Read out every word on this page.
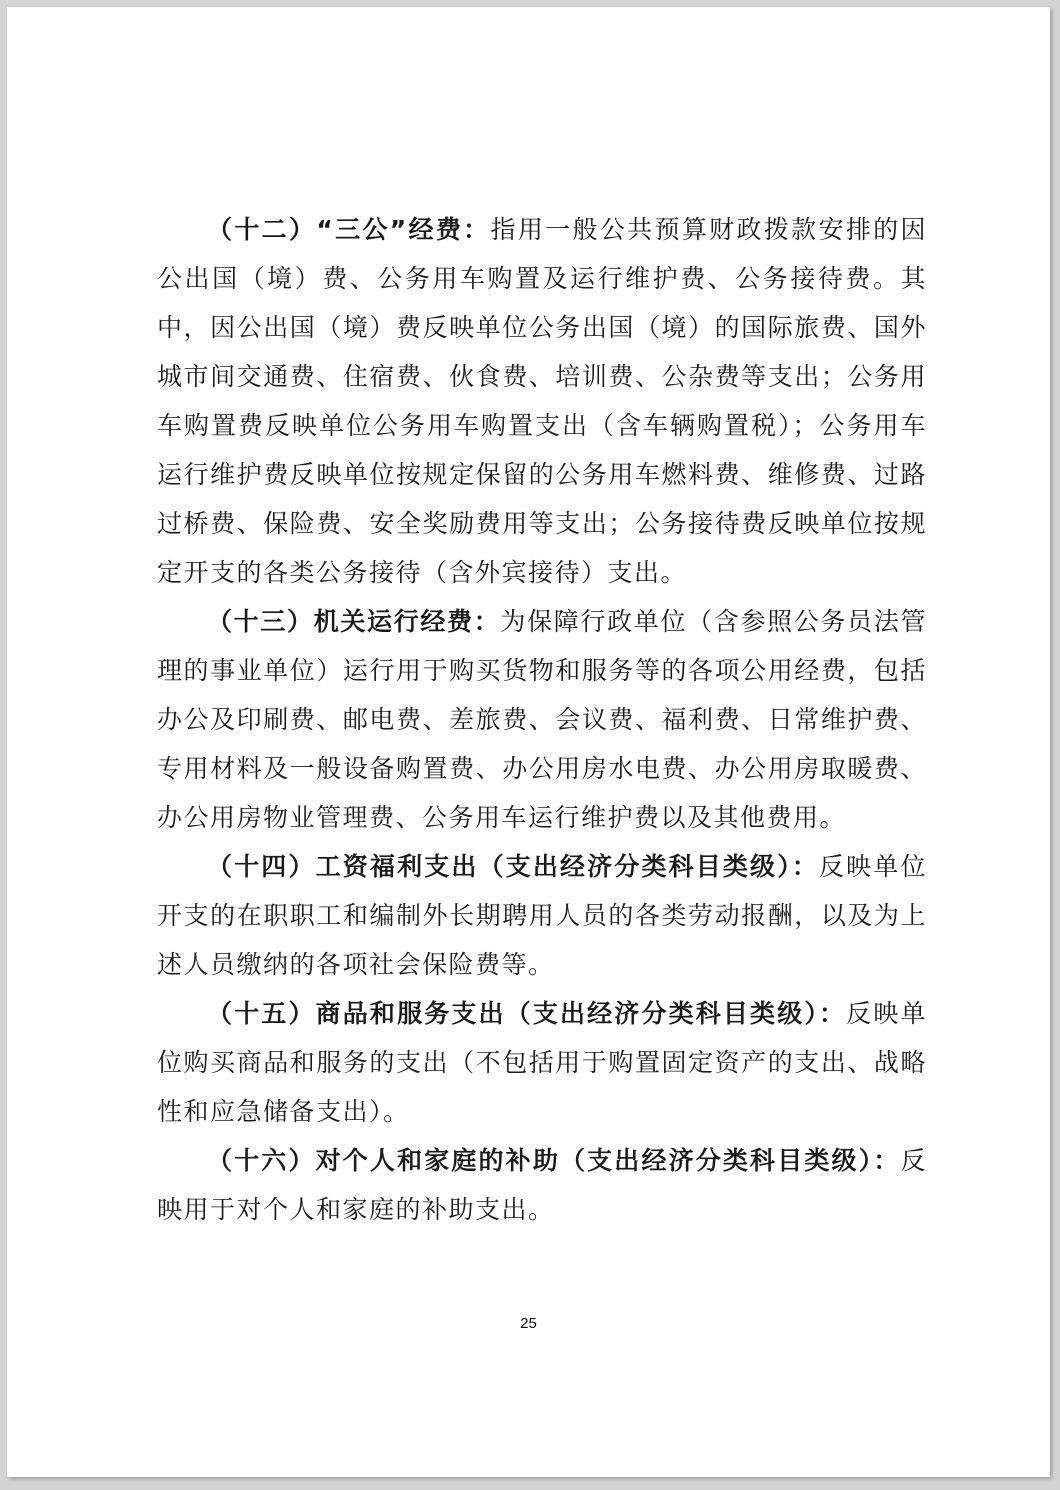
（十二）“三公”经费：指用一般公共预算财政拨款安排的因公出国（境）费、公务用车购置及运行维护费、公务接待费。其中，因公出国（境）费反映单位公务出国（境）的国际旅费、国外城市间交通费、住宿费、伙食费、培训费、公杂费等支出；公务用车购置费反映单位公务用车购置支出（含车辆购置税）；公务用车运行维护费反映单位按规定保留的公务用车燃料费、维修费、过路过桥费、保险费、安全奖励费用等支出；公务接待费反映单位按规定开支的各类公务接待（含外宾接待）支出。

（十三）机关运行经费：为保障行政单位（含参照公务员法管理的事业单位）运行用于购买货物和服务等的各项公用经费，包括办公及印刷费、邮电费、差旅费、会议费、福利费、日常维护费、专用材料及一般设备购置费、办公用房水电费、办公用房取暖费、办公用房物业管理费、公务用车运行维护费以及其他费用。

（十四）工资福利支出（支出经济分类科目类级）：反映单位开支的在职职工和编制外长期聘用人员的各类劳动报酬，以及为上述人员缴纳的各项社会保险费等。

（十五）商品和服务支出（支出经济分类科目类级）：反映单位购买商品和服务的支出（不包括用于购置固定资产的支出、战略性和应急储备支出）。

（十六）对个人和家庭的补助（支出经济分类科目类级）：反映用于对个人和家庭的补助支出。

25
